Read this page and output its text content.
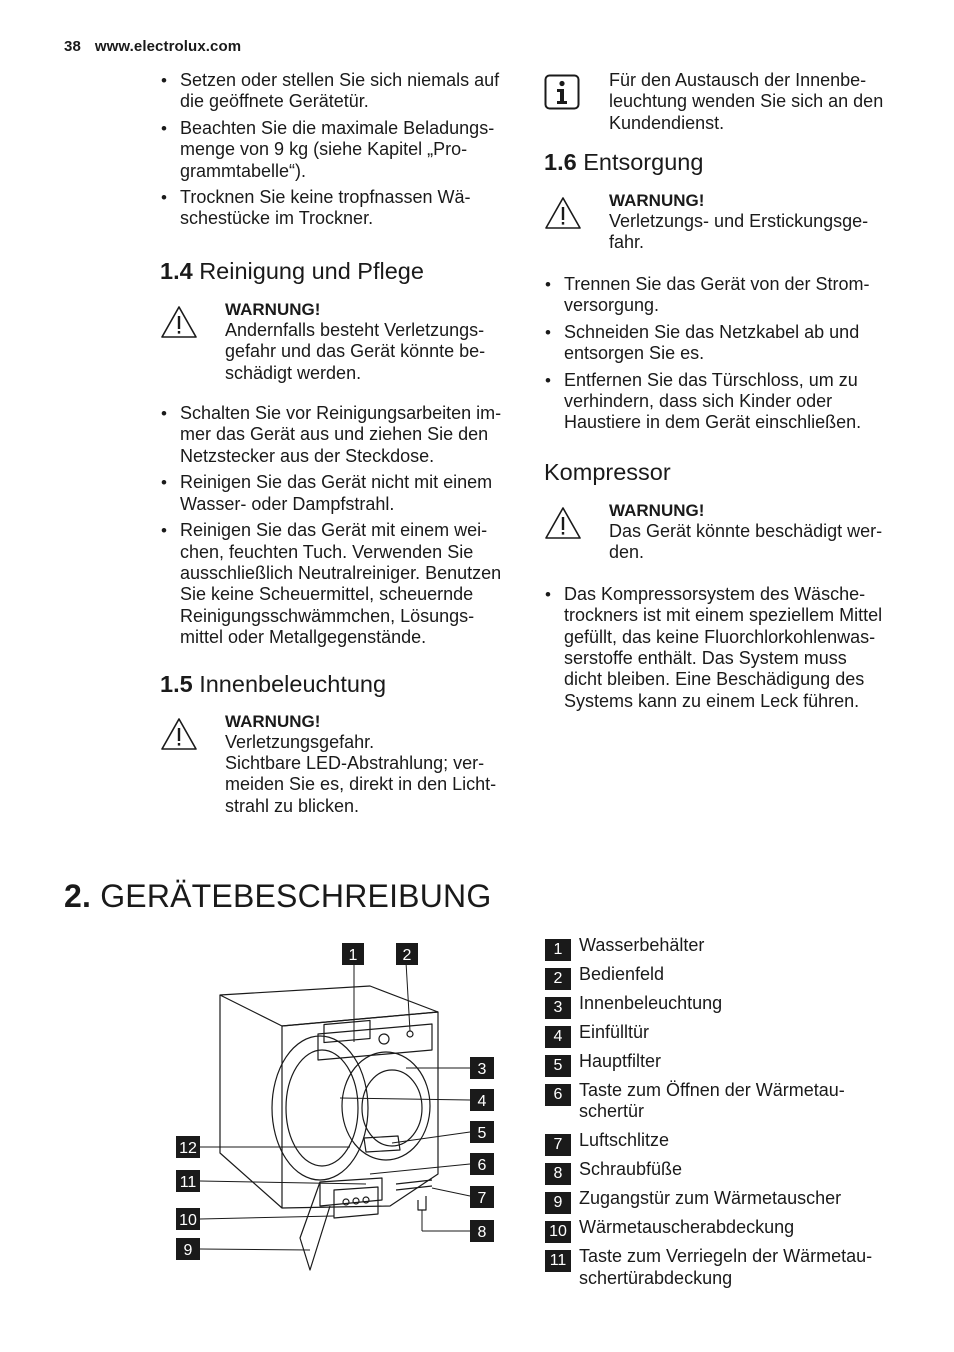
38 www.electrolux.com
• Setzen oder stellen Sie sich niemals auf
die geöffnete Gerätetür.
• Beachten Sie die maximale Beladungs-
menge von 9 kg (siehe Kapitel „Pro-
grammtabelle“).
• Trocknen Sie keine tropfnassen Wä-
schestücke im Trockner.
1.4 Reinigung und Pflege
WARNUNG!
Andernfalls besteht Verletzungs-
gefahr und das Gerät könnte be-
schädigt werden.
• Schalten Sie vor Reinigungsarbeiten im-
mer das Gerät aus und ziehen Sie den
Netzstecker aus der Steckdose.
• Reinigen Sie das Gerät nicht mit einem
Wasser- oder Dampfstrahl.
• Reinigen Sie das Gerät mit einem wei-
chen, feuchten Tuch. Verwenden Sie
ausschließlich Neutralreiniger. Benutzen
Sie keine Scheuermittel, scheuernde
Reinigungsschwämmchen, Lösungs-
mittel oder Metallgegenstände.
1.5 Innenbeleuchtung
WARNUNG!
Verletzungsgefahr.
Sichtbare LED-Abstrahlung; ver-
meiden Sie es, direkt in den Licht-
strahl zu blicken.
Für den Austausch der Innenbe-
leuchtung wenden Sie sich an den
Kundendienst.
1.6 Entsorgung
WARNUNG!
Verletzungs- und Erstickungsge-
fahr.
• Trennen Sie das Gerät von der Strom-
versorgung.
• Schneiden Sie das Netzkabel ab und
entsorgen Sie es.
• Entfernen Sie das Türschloss, um zu
verhindern, dass sich Kinder oder
Haustiere in dem Gerät einschließen.
Kompressor
WARNUNG!
Das Gerät könnte beschädigt wer-
den.
• Das Kompressorsystem des Wäsche-
trockners ist mit einem speziellem Mittel
gefüllt, das keine Fluorchlorkohlenwas-
serstoffe enthält. Das System muss
dicht bleiben. Eine Beschädigung des
Systems kann zu einem Leck führen.
2. GERÄTEBESCHREIBUNG
1	2
3
4
5
6
7
8
9
10
11
12
1 Wasserbehälter
2 Bedienfeld
3 Innenbeleuchtung
4 Einfülltür
5 Hauptfilter
6 Taste zum Öffnen der Wärmetau-
schertür
7 Luftschlitze
8 Schraubfüße
9 Zugangstür zum Wärmetauscher
10 Wärmetauscherabdeckung
11 Taste zum Verriegeln der Wärmetau-
schertürabdeckung
